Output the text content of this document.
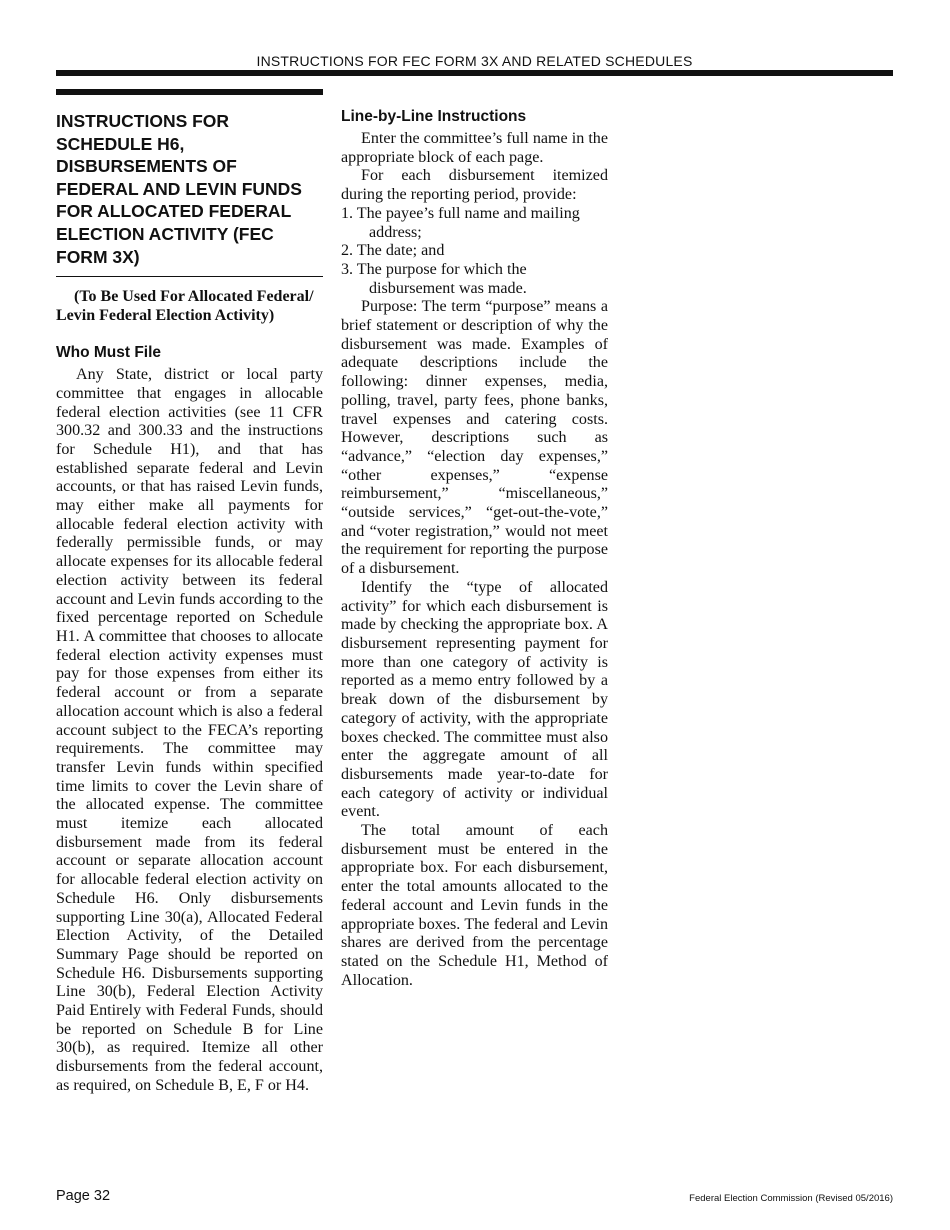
INSTRUCTIONS FOR FEC FORM 3X AND RELATED SCHEDULES
INSTRUCTIONS FOR SCHEDULE H6, DISBURSEMENTS OF FEDERAL AND LEVIN FUNDS FOR ALLOCATED FEDERAL ELECTION ACTIVITY (FEC FORM 3X)
(To Be Used For Allocated Federal/ Levin Federal Election Activity)
Who Must File

Any State, district or local party committee that engages in allocable federal election activities (see 11 CFR 300.32 and 300.33 and the instructions for Schedule H1), and that has established separate federal and Levin accounts, or that has raised Levin funds, may either make all payments for allocable federal election activity with federally permissible funds, or may allocate expenses for its allocable federal election activity between its federal account and Levin funds according to the fixed percentage reported on Schedule H1. A committee that chooses to allocate federal election activity expenses must pay for those expenses from either its federal account or from a separate allocation account which is also a federal account subject to the FECA’s reporting requirements. The committee may transfer Levin funds within specified time limits to cover the Levin share of the allocated expense. The committee must itemize each allocated disbursement made from its federal account or separate allocation account for allocable federal election activity on Schedule H6. Only disbursements supporting Line 30(a), Allocated Federal Election Activity, of the Detailed Summary Page should be reported on Schedule H6. Disbursements supporting Line 30(b), Federal Election Activity Paid Entirely with Federal Funds, should be reported on Schedule B for Line 30(b), as required. Itemize all other disbursements from the federal account, as required, on Schedule B, E, F or H4.

Line-by-Line Instructions

Enter the committee’s full name in the appropriate block of each page.

For each disbursement itemized during the reporting period, provide:

1. The payee’s full name and mailing address;
2. The date; and
3. The purpose for which the disbursement was made.

Purpose: The term “purpose” means a brief statement or description of why the disbursement was made. Examples of adequate descriptions include the following: dinner expenses, media, polling, travel, party fees, phone banks, travel expenses and catering costs. However, descriptions such as “advance,” “election day expenses,” “other expenses,” “expense reimbursement,” “miscellaneous,” “outside services,” “get-out-the-vote,” and “voter registration,” would not meet the requirement for reporting the purpose of a disbursement.

Identify the “type of allocated activity” for which each disbursement is made by checking the appropriate box. A disbursement representing payment for more than one category of activity is reported as a memo entry followed by a break down of the disbursement by category of activity, with the appropriate boxes checked. The committee must also enter the aggregate amount of all disbursements made year-to-date for each category of activity or individual event.

The total amount of each disbursement must be entered in the appropriate box. For each disbursement, enter the total amounts allocated to the federal account and Levin funds in the appropriate boxes. The federal and Levin shares are derived from the percentage stated on the Schedule H1, Method of Allocation.

Page 32	Federal Election Commission (Revised 05/2016)
